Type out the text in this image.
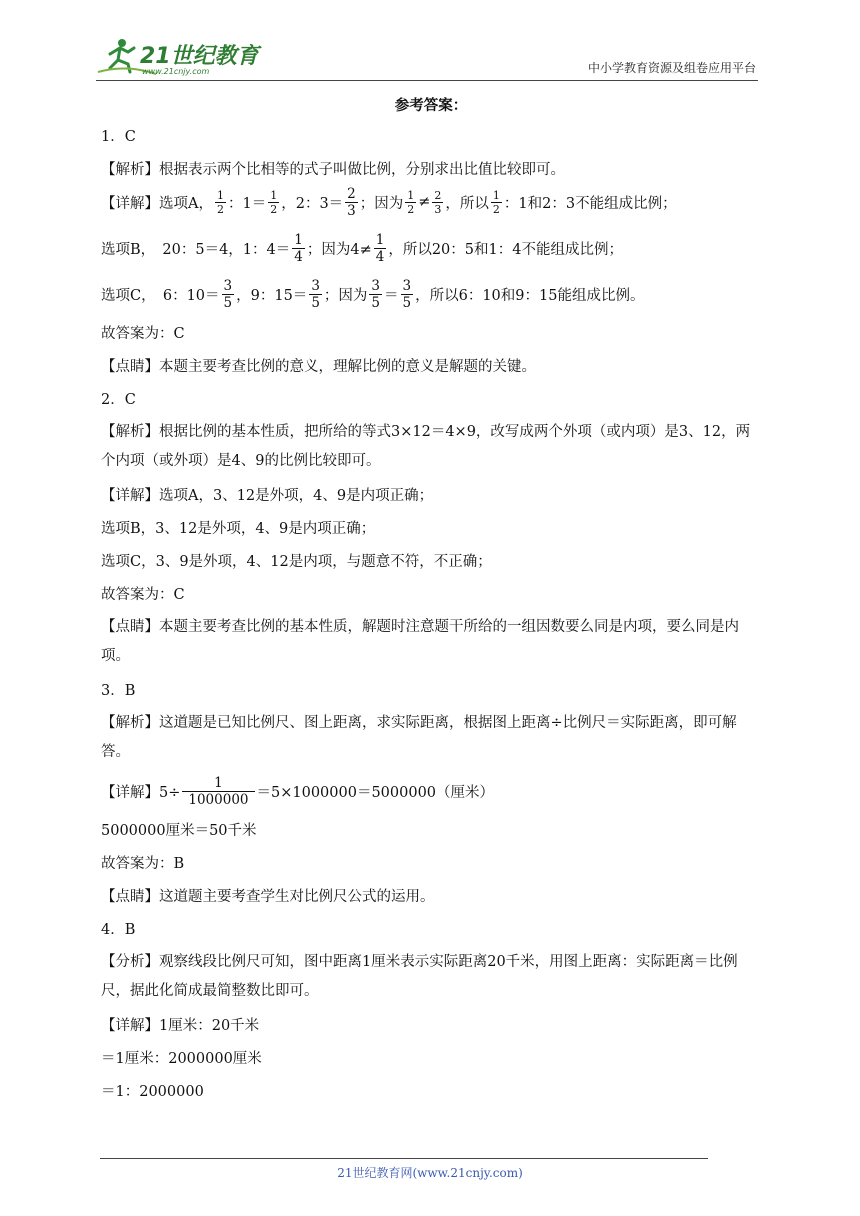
21世纪教育
www.21cnjy.com	中小学教育资源及组卷应用平台

参考答案：

1．C

【解析】根据表示两个比相等的式子叫做比例，分别求出比值比较即可。

【详解】选项A， $\frac{1}{2}$ ：$1= \frac{1}{2}$ ，2：$3= \frac{2}{3}$ ；因为 $\frac{1}{2} \ne \frac{2}{3}$ ，所以 $\frac{1}{2}$ ：1和2：3不能组成比例；
选项B，　20：5＝4，1：$4= \frac{1}{4}$ ；因为$4\ne \frac{1}{4}$ ，所以20：5和1：4不能组成比例；
选项C，　6：$10= \frac{3}{5}$ ，9：$15= \frac{3}{5}$ ；因为 $\frac{3}{5} = \frac{3}{5}$ ，所以6：10和9：15能组成比例。

故答案为：C

【点睛】本题主要考查比例的意义，理解比例的意义是解题的关键。

2．C

【解析】根据比例的基本性质，把所给的等式3×12＝4×9，改写成两个外项（或内项）是3、12，两个内项（或外项）是4、9的比例比较即可。

【详解】选项A，3、12是外项，4、9是内项正确；

选项B，3、12是外项，4、9是内项正确；

选项C，3、9是外项，4、12是内项，与题意不符，不正确；

故答案为：C

【点睛】本题主要考查比例的基本性质，解题时注意题干所给的一组因数要么同是内项，要么同是内项。

3．B

【解析】这道题是已知比例尺、图上距离，求实际距离，根据图上距离÷比例尺＝实际距离，即可解答。

【详解】$5\div \frac{1}{1000000} =5\times 1000000=5000000$（厘米）

5000000厘米＝50千米

故答案为：B

【点睛】这道题主要考查学生对比例尺公式的运用。

4．B

【分析】观察线段比例尺可知，图中距离1厘米表示实际距离20千米，用图上距离：实际距离＝比例尺，据此化简成最简整数比即可。

【详解】1厘米：20千米

＝1厘米：2000000厘米

＝1：2000000

21世纪教育网(www.21cnjy.com)
